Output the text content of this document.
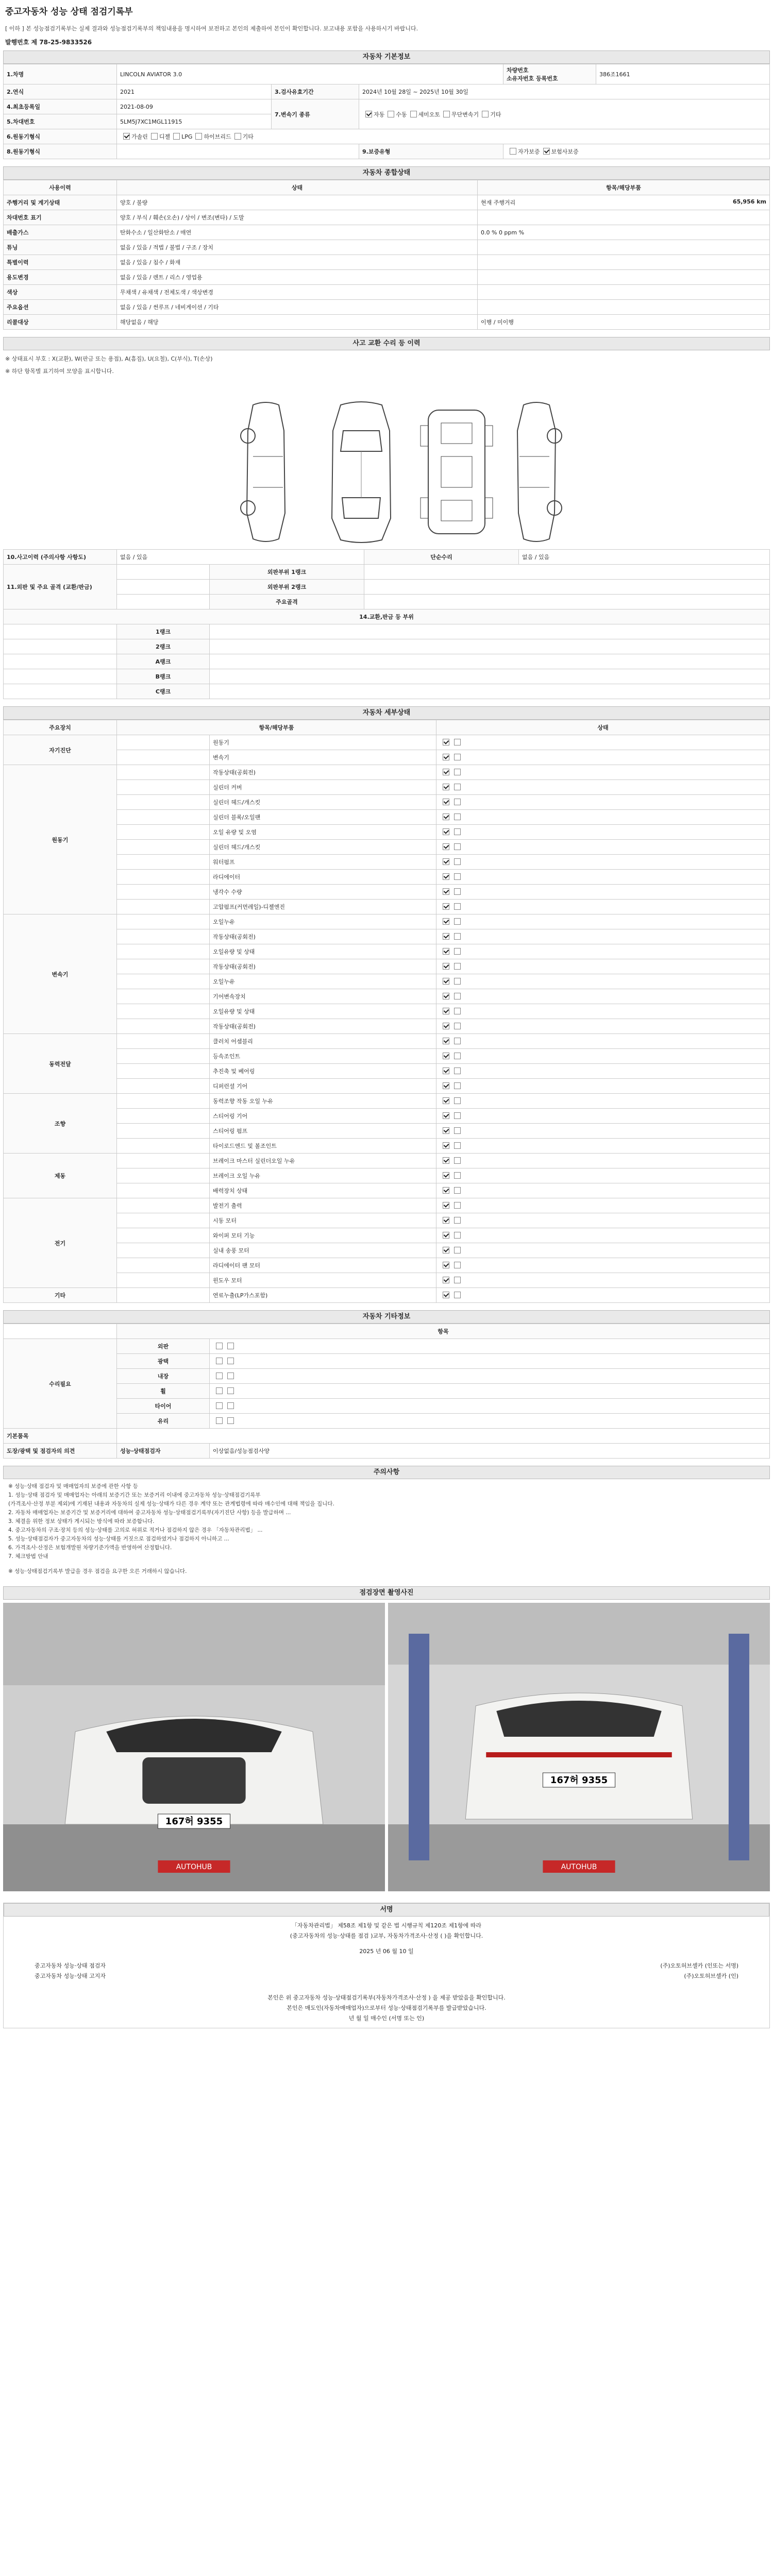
중고자동차 성능 상태 점검기록부
[ 이하 ] 본 성능점검기록부는 실제 결과와 성능점검기록부의 책임내용을 명시하여 보전하고 본인의 제출하여 본인이 확인합니다. 보고내용 포함을 사용하시기 바랍니다.
발행번호 제 78-25-9833526
자동차 기본정보
1.차명	LINCOLN AVIATOR 3.0			차량번호
소유자번호 등록번호	386조1661
2.연식	2021	3.검사유효기간	2024년 10월 28일 ~ 2025년 10월 30일		
4.최초등록일	2021-08-09	7.변속기 종류	자동 수동 세미오토 무단변속기 기타		
5.차대번호	5LM5J7XC1MGL11915				
6.원동기형식	가솔린 디젤 LPG 하이브리드 기타				
8.원동기형식			9.보증유형	자가보증 보험사보증	
자동차 종합상태
사용이력	상태	항목/해당부품
주행거리 및 계기상태	양호 / 불량	현재 주행거리 65,956 km

차대번호 표기	양호 / 부식 / 훼손(오손) / 상이 / 변조(변타) / 도말	
배출가스	탄화수소 / 일산화탄소 / 매연	0.0 % 0 ppm %
튜닝	없음 / 있음 / 적법 / 불법 / 구조 / 장치	
특별이력	없음 / 있음 / 침수 / 화재	
용도변경	없음 / 있음 / 렌트 / 리스 / 영업용	
색상	무채색 / 유채색 / 전체도색 / 색상변경	
주요옵션	없음 / 있음 / 썬루프 / 네비게이션 / 기타	
리콜대상	해당없음 / 해당	이행 / 미이행
사고 교환 수리 등 이력
※ 상태표시 부호 : X(교환), W(판금 또는 용접), A(흠집), U(요철), C(부식), T(손상)
※ 하단 항목별 표기하여 모양을 표시합니다.
10.사고이력 (주의사항 사항도)	없음 / 있음		단순수리	없음 / 있음
11.외판 및 주요 골격 (교환/판금)		외판부위 1랭크		
		외판부위 2랭크		
		주요골격		
14.교환,판금 등 부위				
	1랭크			
	2랭크			
	A랭크			
	B랭크			
	C랭크			
자동차 세부상태
주요장치	항목/해당부품		상태
자기진단		원동기	
		변속기	
원동기		작동상태(공회전)	
		실린더 커버	
		실린더 헤드/개스킷	
		실린더 블록/오일팬	
		오일 유량 및 오염	
		실린더 헤드/개스킷	
		워터펌프	
		라디에이터	
		냉각수 수량	
		고압펌프(커먼레일)-디젤엔진	
변속기		오일누유	
		작동상태(공회전)	
		오일유량 및 상태	
		작동상태(공회전)	
		오일누유	
		기어변속장치	
		오일유량 및 상태	
		작동상태(공회전)	
동력전달		클러치 어셈블리	
		등속조인트	
		추진축 및 베어링	
		디퍼런셜 기어	
조향		동력조향 작동 오일 누유	
		스티어링 기어	
		스티어링 펌프	
		타이로드엔드 및 볼조인트	
제동		브레이크 마스터 실린더오일 누유	
		브레이크 오일 누유	
		배력장치 상태	
전기		발전기 출력	
		시동 모터	
		와이퍼 모터 기능	
		실내 송풍 모터	
		라디에이터 팬 모터	
		윈도우 모터	
기타		연료누출(LP가스포함)	
자동차 기타정보
	항목	
수리필요	외판	
	광택	
	내장	
	휠	
	타이어	
	유리	
기본품목		
도장/광택 및 점검자의 의견	성능·상태점검자	이상없음/성능점검사양
주의사항
※ 성능·상태 점검자 및 매매업자의 보증에 관한 사항 등
1. 성능·상태 점검자 및 매매업자는 아래의 보증기간 또는 보증거리 이내에 중고자동차 성능·상태점검기록부
(가격조사·산정 부분 제외)에 기재된 내용과 자동차의 실제 성능·상태가 다른 경우 계약 또는 관계법령에 따라 매수인에 대해 책임을 집니다.
2. 자동차 매매업자는 보증기간 및 보증거리에 대하여 중고자동차 성능·상태점검기록부(자기진단 사항) 등을 발급하며 ...
3. 체결을 위한 정보 상태가 게시되는 방식에 따라 보증합니다.
4. 중고자동차의 구조·장치 등의 성능·상태를 고의로 허위로 적거나 점검하지 않은 경우 「자동차관리법」 ...
5. 성능·상태점검자가 중고자동차의 성능·상태를 거짓으로 점검하였거나 점검하지 아니하고 ...
6. 가격조사·산정은 보험개발원 차량기준가액을 반영하여 산정합니다.
7. 체크방법 안내
※ 성능·상태점검기록부 발급을 경우 점검을 요구한 오른 거래하시 않습니다.
점검장면 촬영사진
167허 9355
AUTOHUB
167허 9355
AUTOHUB
서명
「자동차관리법」 제58조 제1항 및 같은 법 시행규칙 제120조 제1항에 따라
(중고자동차의 성능·상태를 점검 )교부, 자동차가격조사·산정 ( )을 확인합니다.
2025 년 06 월 10 일
중고자동차 성능·상태 점검자	(주)오토허브셀카 (인또는 서명)
중고자동차 성능·상태 고지자	(주)오토허브셀카 (인)
본인은 위 중고자동차 성능·상태점검기록부(자동차가격조사·산정 ) 을 제공 받았음을 확인합니다.
본인은 매도인(자동차매매업자)으로부터 성능·상태점검기록부를 발급받았습니다.
년 월 일 매수인 (서명 또는 인)
